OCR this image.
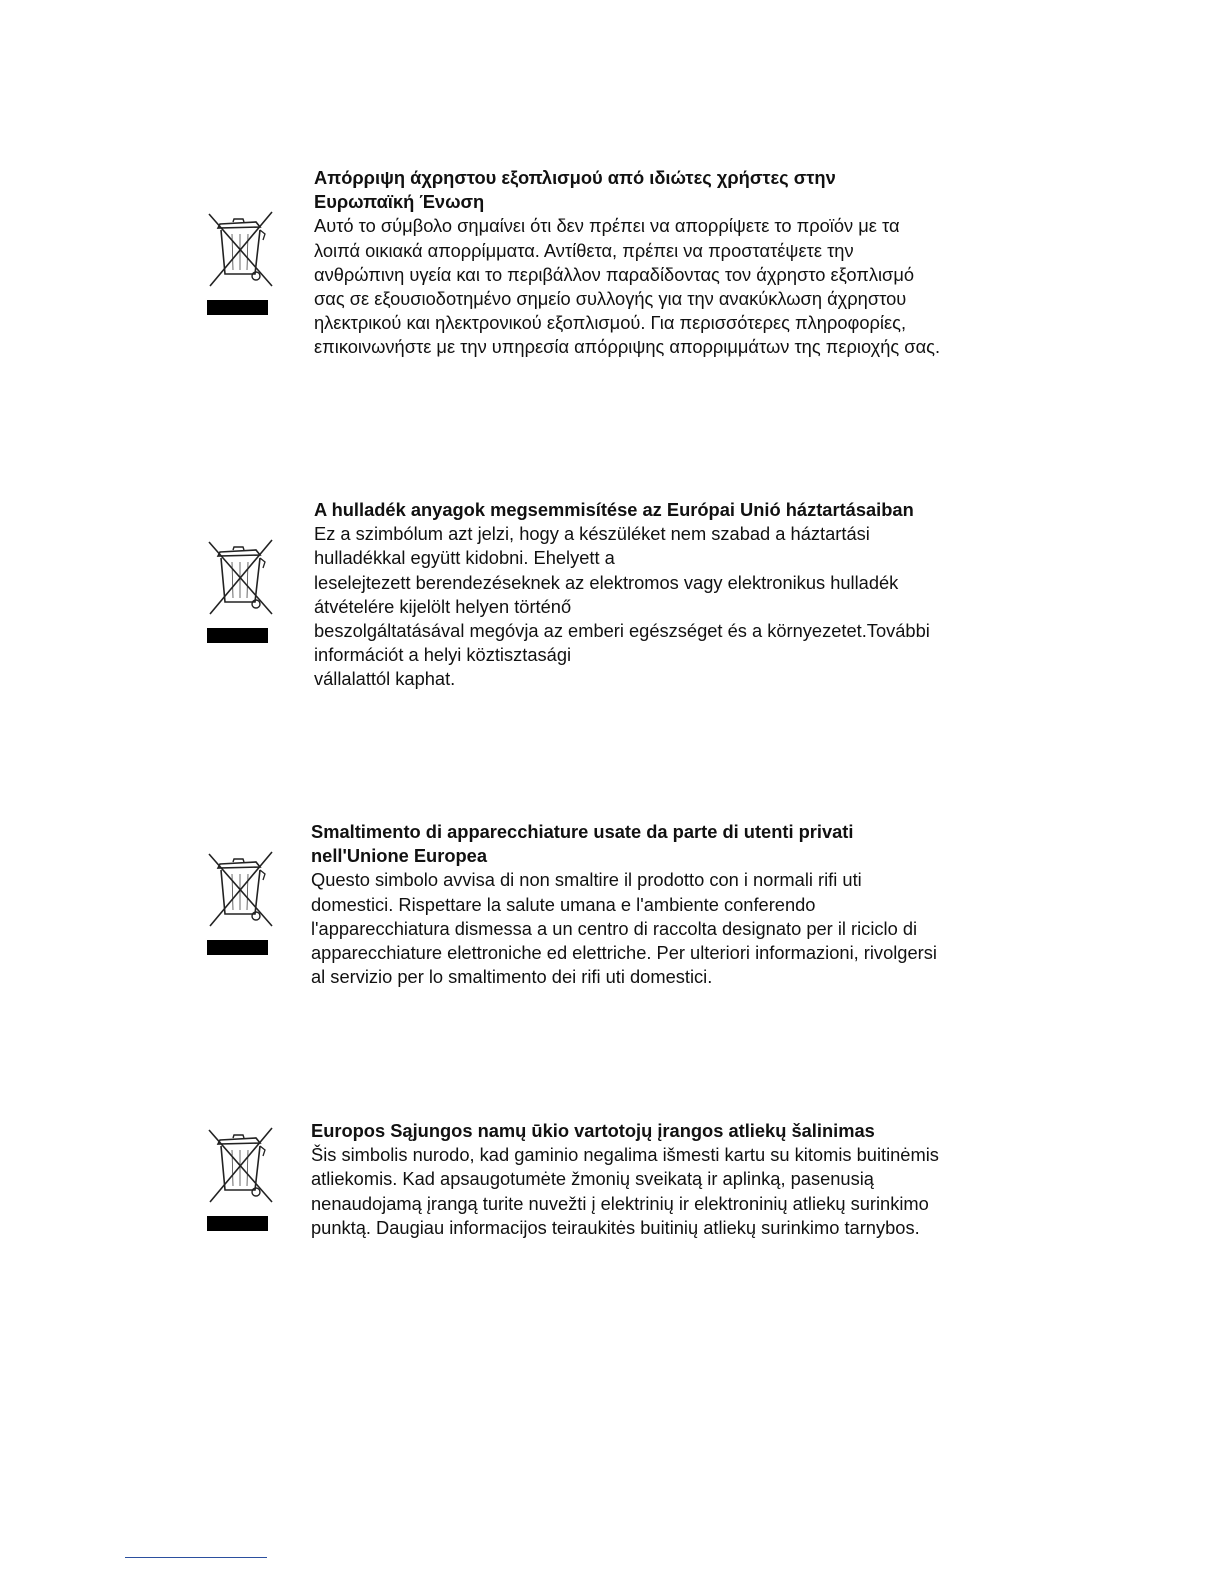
Απόρριψη άχρηστου εξοπλισμού από ιδιώτες χρήστες στην
Ευρωπαϊκή Ένωση

Αυτό το σύμβολο σημαίνει ότι δεν πρέπει να απορρίψετε το προϊόν με τα
λοιπά οικιακά απορρίμματα. Αντίθετα, πρέπει να προστατέψετε την
ανθρώπινη υγεία και το περιβάλλον παραδίδοντας τον άχρηστο εξοπλισμό
σας σε εξουσιοδοτημένο σημείο συλλογής για την ανακύκλωση άχρηστου
ηλεκτρικού και ηλεκτρονικού εξοπλισμού. Για περισσότερες πληροφορίες,
επικοινωνήστε με την υπηρεσία απόρριψης απορριμμάτων της περιοχής σας.

A hulladék anyagok megsemmisítése az Európai Unió háztartásaiban

Ez a szimbólum azt jelzi, hogy a készüléket nem szabad a háztartási
hulladékkal együtt kidobni. Ehelyett a
leselejtezett berendezéseknek az elektromos vagy elektronikus hulladék
átvételére kijelölt helyen történő
beszolgáltatásával megóvja az emberi egészséget és a környezetet.További
információt a helyi köztisztasági
vállalattól kaphat.

Smaltimento di apparecchiature usate da parte di utenti privati
nell'Unione Europea

Questo simbolo avvisa di non smaltire il prodotto con i normali rifi uti
domestici. Rispettare la salute umana e l'ambiente conferendo
l'apparecchiatura dismessa a un centro di raccolta designato per il riciclo di
apparecchiature elettroniche ed elettriche. Per ulteriori informazioni, rivolgersi
al servizio per lo smaltimento dei rifi uti domestici.

Europos Sąjungos namų ūkio vartotojų įrangos atliekų šalinimas

Šis simbolis nurodo, kad gaminio negalima išmesti kartu su kitomis buitinėmis
atliekomis. Kad apsaugotumėte žmonių sveikatą ir aplinką, pasenusią
nenaudojamą įrangą turite nuvežti į elektrinių ir elektroninių atliekų surinkimo
punktą. Daugiau informacijos teiraukitės buitinių atliekų surinkimo tarnybos.
